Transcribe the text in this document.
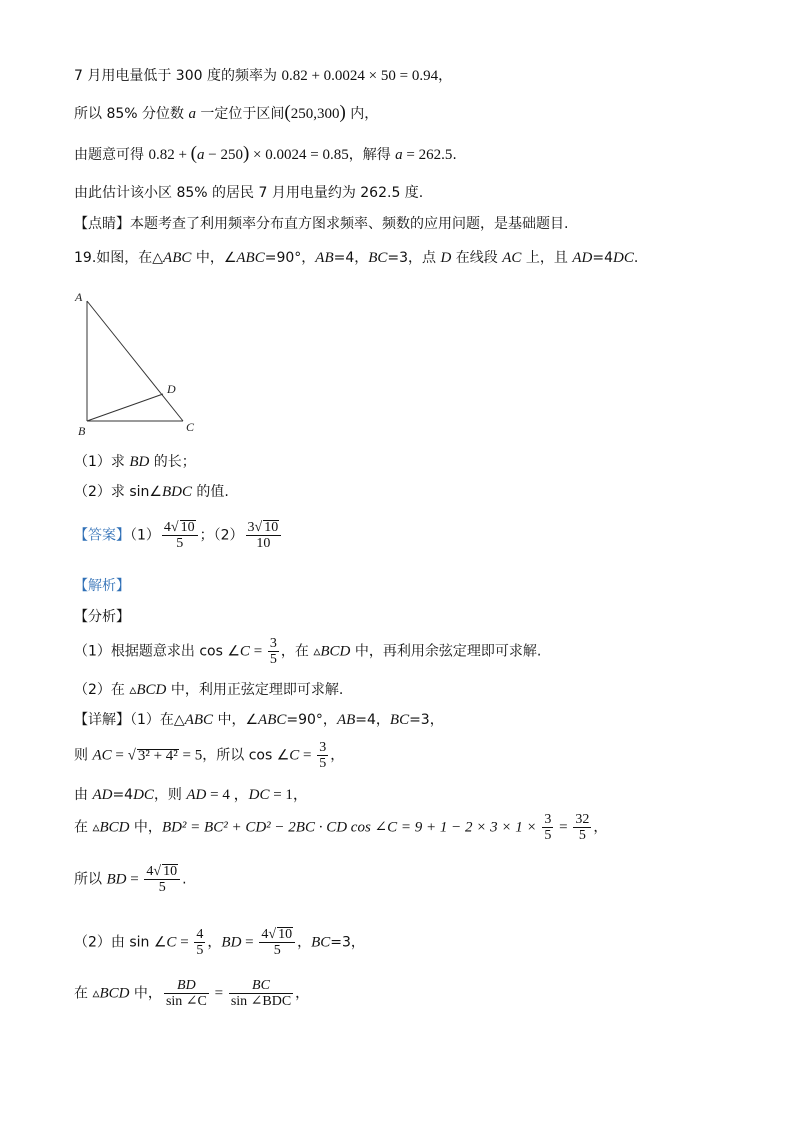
7 月用电量低于 300 度的频率为 0.82 + 0.0024 × 50 = 0.94，
所以 85% 分位数 a 一定位于区间(250,300) 内，
由题意可得 0.82 + (a − 250) × 0.0024 = 0.85，解得 a = 262.5.
由此估计该小区 85% 的居民 7 月用电量约为 262.5 度.
【点睛】本题考查了利用频率分布直方图求频率、频数的应用问题，是基础题目.
19.如图，在△ABC 中，∠ABC=90°，AB=4，BC=3，点 D 在线段 AC 上，且 AD=4DC.
A
B	C
D
（1）求 BD 的长；
（2）求 sin∠BDC 的值.
【答案】$(1) \frac{4√ 10}{5}$ ；$(2) \frac{3√ 10}{10}$
【解析】
【分析】
（1）根据题意求出 cos ∠C = $\frac{3}{5}$ ，在 ▵BCD 中，再利用余弦定理即可求解.
（2）在 ▵BCD 中，利用正弦定理即可求解.
【详解】（1）在△ABC 中，∠ABC=90°，AB=4，BC=3，
则 AC = √ 3² + 4² = 5，所以 cos ∠C = $\frac{3}{5}$ ，
由 AD=4DC，则 AD = 4 ，DC = 1，
在 ▵BCD 中，BD² = BC² + CD² − 2BC · CD cos ∠C = $9 + 1 - 2 \times 3 \times 1 \times \frac{3}{5} = \frac{32}{5}$ ，
所以 BD = $\frac{4√ 10}{5}$ .
（2）由 sin ∠C = $\frac{4}{5}$ ，BD = $\frac{4√ 10}{5}$ ，BC=3，
在 ▵BCD 中， $\frac{BD}{\sin \angle C} = \frac{BC}{\text{sin ∠BDC}}$ ，
